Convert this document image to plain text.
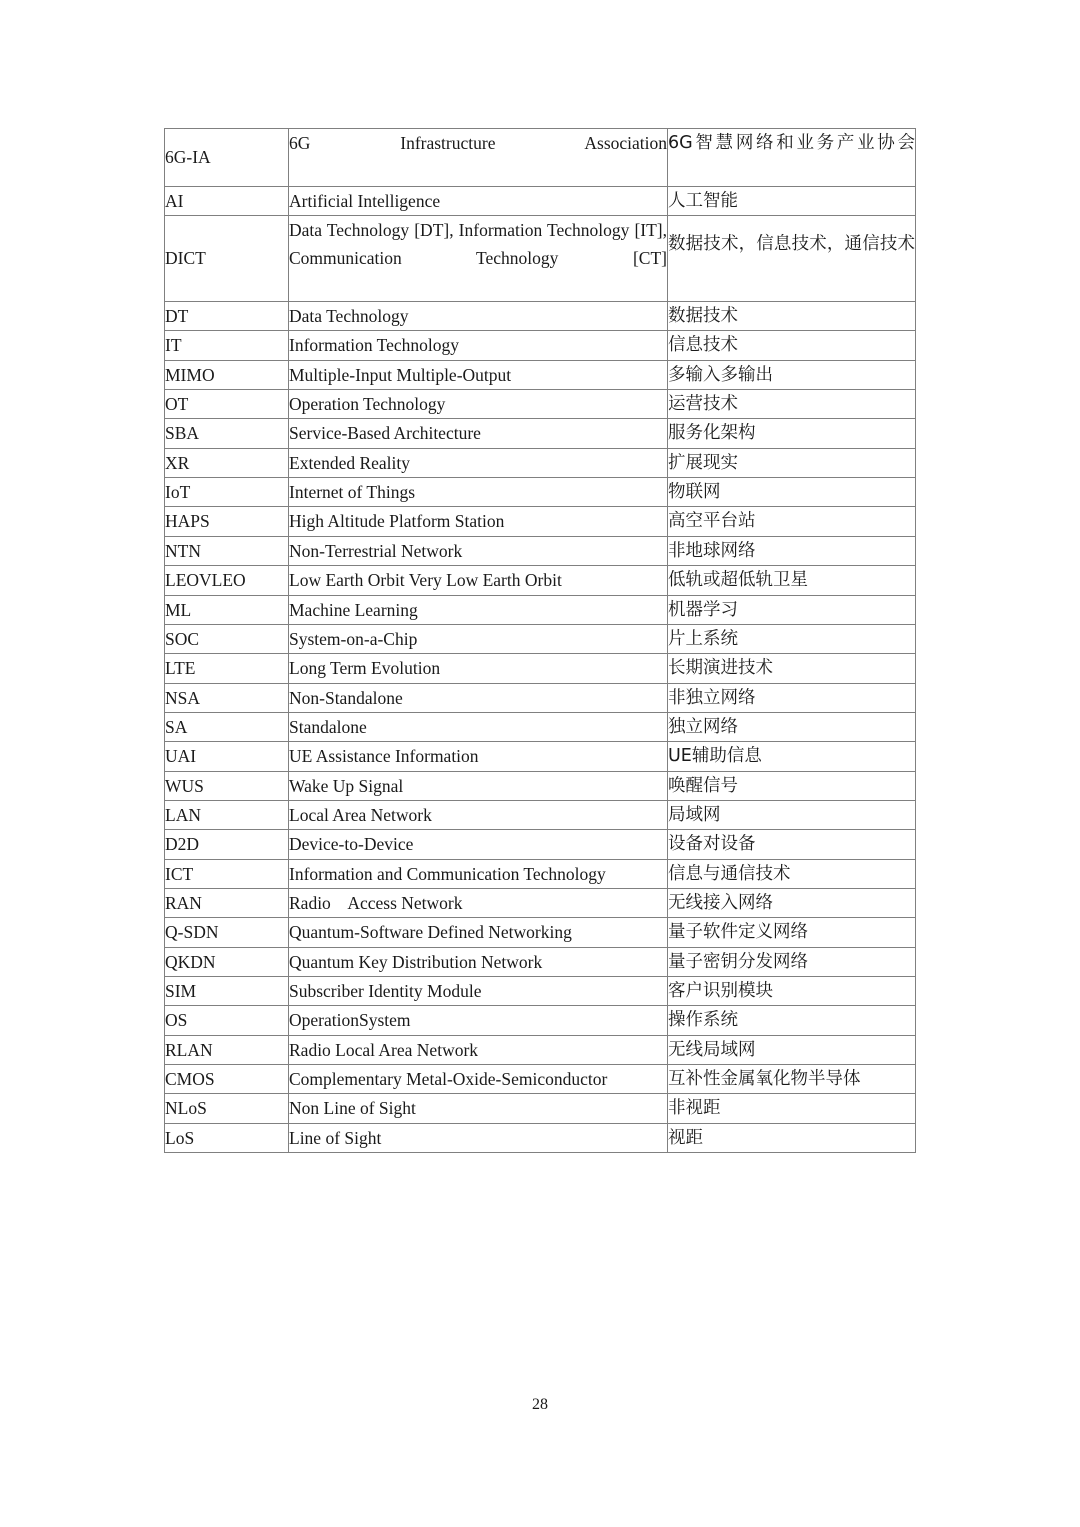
6G-IA	6G Infrastructure Association	6G智慧网络和业务产业协会
AI	Artificial Intelligence	人工智能
DICT	Data Technology [DT], Information Technology [IT], Communication Technology [CT]	数据技术，信息技术，通信技术
DT	Data Technology	数据技术
IT	Information Technology	信息技术
MIMO	Multiple-Input Multiple-Output	多输入多输出
OT	Operation Technology	运营技术
SBA	Service-Based Architecture	服务化架构
XR	Extended Reality	扩展现实
IoT	Internet of Things	物联网
HAPS	High Altitude Platform Station	高空平台站
NTN	Non-Terrestrial Network	非地球网络
LEOVLEO	Low Earth Orbit Very Low Earth Orbit	低轨或超低轨卫星
ML	Machine Learning	机器学习
SOC	System-on-a-Chip	片上系统
LTE	Long Term Evolution	长期演进技术
NSA	Non-Standalone	非独立网络
SA	Standalone	独立网络
UAI	UE Assistance Information	UE辅助信息
WUS	Wake Up Signal	唤醒信号
LAN	Local Area Network	局域网
D2D	Device-to-Device	设备对设备
ICT	Information and Communication Technology	信息与通信技术
RAN	Radio    Access Network	无线接入网络
Q-SDN	Quantum-Software Defined Networking	量子软件定义网络
QKDN	Quantum Key Distribution Network	量子密钥分发网络
SIM	Subscriber Identity Module	客户识别模块
OS	OperationSystem	操作系统
RLAN	Radio Local Area Network	无线局域网
CMOS	Complementary Metal-Oxide-Semiconductor	互补性金属氧化物半导体
NLoS	Non Line of Sight	非视距
LoS	Line of Sight	视距
28
